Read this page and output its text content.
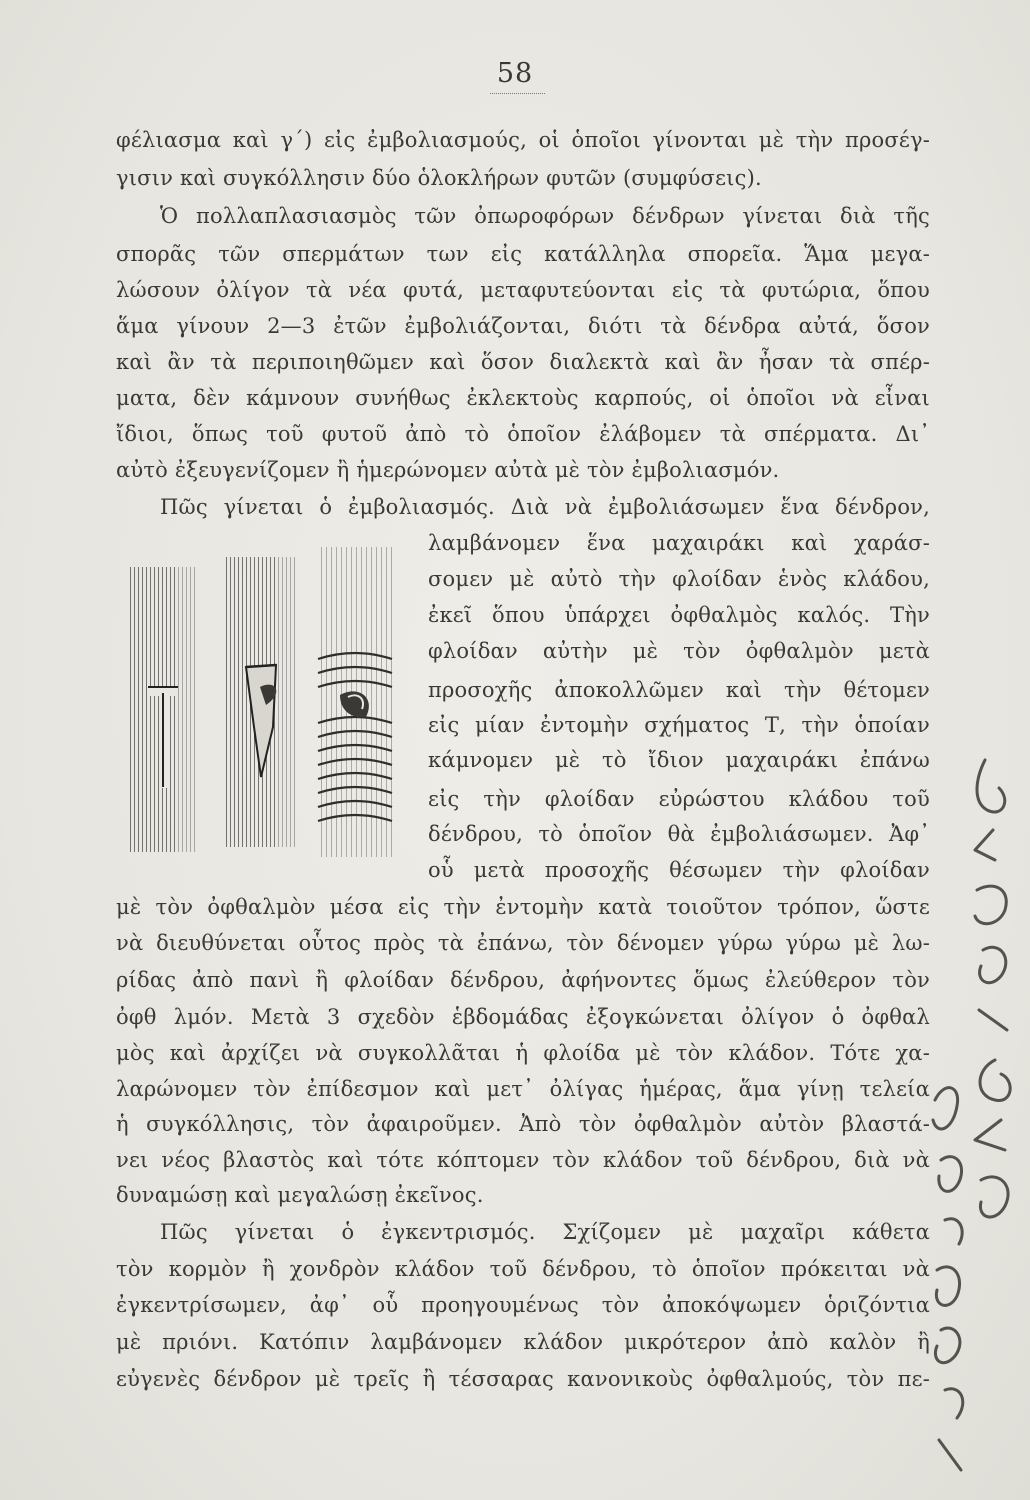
58
φέλιασμα καὶ γ΄) εἰς ἐμβολιασμούς, οἱ ὁποῖοι γίνονται μὲ τὴν προσέγ-
γισιν καὶ συγκόλλησιν δύο ὁλοκλήρων φυτῶν (συμφύσεις).
Ὁ πολλαπλασιασμὸς τῶν ὀπωροφόρων δένδρων γίνεται διὰ τῆς
σπορᾶς τῶν σπερμάτων των εἰς κατάλληλα σπορεῖα. Ἅμα μεγα-
λώσουν ὀλίγον τὰ νέα φυτά, μεταφυτεύονται εἰς τὰ φυτώρια, ὅπου
ἅμα γίνουν 2—3 ἐτῶν ἐμβολιάζονται, διότι τὰ δένδρα αὐτά, ὅσον
καὶ ἂν τὰ περιποιηθῶμεν καὶ ὅσον διαλεκτὰ καὶ ἂν ἦσαν τὰ σπέρ-
ματα, δὲν κάμνουν συνήθως ἐκλεκτοὺς καρπούς, οἱ ὁποῖοι νὰ εἶναι
ἴδιοι, ὅπως τοῦ φυτοῦ ἀπὸ τὸ ὁποῖον ἐλάβομεν τὰ σπέρματα. Δι᾽
αὐτὸ ἐξευγενίζομεν ἢ ἡμερώνομεν αὐτὰ μὲ τὸν ἐμβολιασμόν.
Πῶς γίνεται ὁ ἐμβολιασμός. Διὰ νὰ ἐμβολιάσωμεν ἕνα δένδρον,
λαμβάνομεν ἕνα μαχαιράκι καὶ χαράσ-
σομεν μὲ αὐτὸ τὴν φλοίδαν ἑνὸς κλάδου,
ἐκεῖ ὅπου ὑπάρχει ὀφθαλμὸς καλός. Τὴν
φλοίδαν αὐτὴν μὲ τὸν ὀφθαλμὸν μετὰ
προσοχῆς ἀποκολλῶμεν καὶ τὴν θέτομεν
εἰς μίαν ἐντομὴν σχήματος Τ, τὴν ὁποίαν
κάμνομεν μὲ τὸ ἴδιον μαχαιράκι ἐπάνω
εἰς τὴν φλοίδαν εὐρώστου κλάδου τοῦ
δένδρου, τὸ ὁποῖον θὰ ἐμβολιάσωμεν. Ἀφ᾽
οὗ μετὰ προσοχῆς θέσωμεν τὴν φλοίδαν
μὲ τὸν ὀφθαλμὸν μέσα εἰς τὴν ἐντομὴν κατὰ τοιοῦτον τρόπον, ὥστε
νὰ διευθύνεται οὗτος πρὸς τὰ ἐπάνω, τὸν δένομεν γύρω γύρω μὲ λω-
ρίδας ἀπὸ πανὶ ἢ φλοίδαν δένδρου, ἀφήνοντες ὅμως ἐλεύθερον τὸν
ὀφθ λμόν. Μετὰ 3 σχεδὸν ἑβδομάδας ἐξογκώνεται ὀλίγον ὁ ὀφθαλ
μὸς καὶ ἀρχίζει νὰ συγκολλᾶται ἡ φλοίδα μὲ τὸν κλάδον. Τότε χα-
λαρώνομεν τὸν ἐπίδεσμον καὶ μετ᾽ ὀλίγας ἡμέρας, ἅμα γίνῃ τελεία
ἡ συγκόλλησις, τὸν ἀφαιροῦμεν. Ἀπὸ τὸν ὀφθαλμὸν αὐτὸν βλαστά-
νει νέος βλαστὸς καὶ τότε κόπτομεν τὸν κλάδον τοῦ δένδρου, διὰ νὰ
δυναμώσῃ καὶ μεγαλώσῃ ἐκεῖνος.
Πῶς γίνεται ὁ ἐγκεντρισμός. Σχίζομεν μὲ μαχαῖρι κάθετα
τὸν κορμὸν ἢ χονδρὸν κλάδον τοῦ δένδρου, τὸ ὁποῖον πρόκειται νὰ
ἐγκεντρίσωμεν, ἀφ᾽ οὗ προηγουμένως τὸν ἀποκόψωμεν ὁριζόντια
μὲ πριόνι. Κατόπιν λαμβάνομεν κλάδον μικρότερον ἀπὸ καλὸν ἢ
εὐγενὲς δένδρον μὲ τρεῖς ἢ τέσσαρας κανονικοὺς ὀφθαλμούς, τὸν πε-
ρίζα μας σε αυλή
